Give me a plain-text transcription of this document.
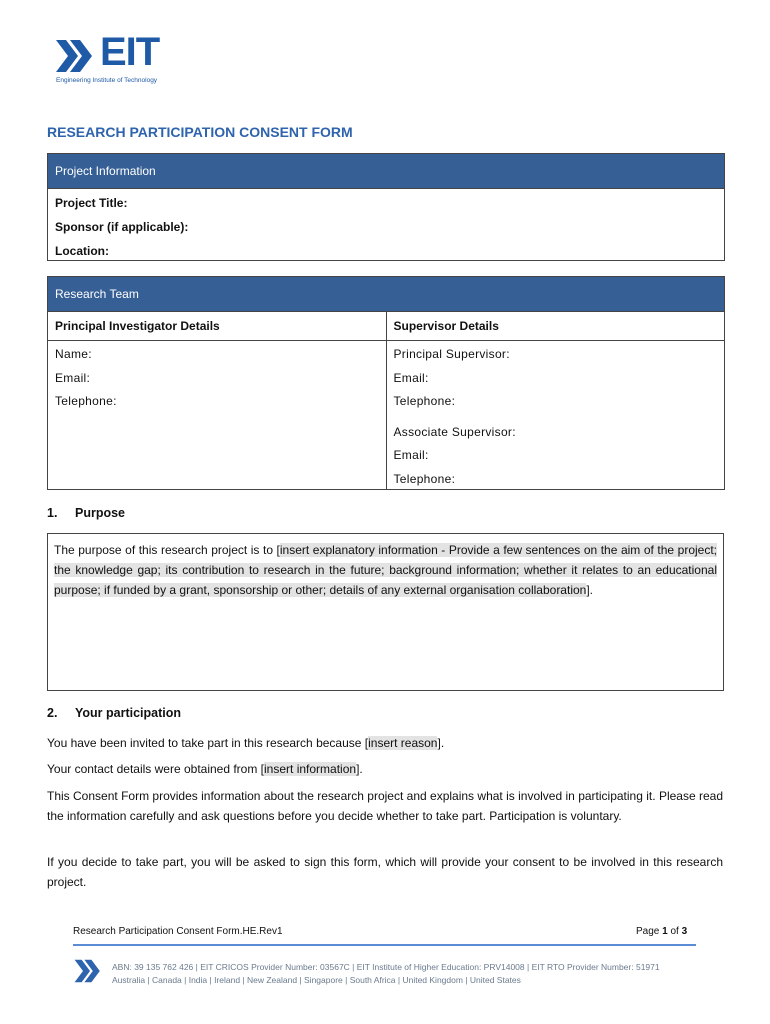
EIT
Engineering Institute of Technology
RESEARCH PARTICIPATION CONSENT FORM
Project Information
Project Title:
Sponsor (if applicable):
Location:
Research Team
Principal Investigator Details
Name:
Email:
Telephone:
Supervisor Details
Principal Supervisor:
Email:
Telephone:
Associate Supervisor:
Email:
Telephone:
1. Purpose
The purpose of this research project is to [insert explanatory information - Provide a few sentences on the aim of the project; the knowledge gap; its contribution to research in the future; background information; whether it relates to an educational purpose; if funded by a grant, sponsorship or other; details of any external organisation collaboration].
2. Your participation
You have been invited to take part in this research because [insert reason].
Your contact details were obtained from [insert information].
This Consent Form provides information about the research project and explains what is involved in participating it. Please read the information carefully and ask questions before you decide whether to take part. Participation is voluntary.
If you decide to take part, you will be asked to sign this form, which will provide your consent to be involved in this research project.
Research Participation Consent Form.HE.Rev1	Page 1 of 3
ABN: 39 135 762 426 | EIT CRICOS Provider Number: 03567C | EIT Institute of Higher Education: PRV14008 | EIT RTO Provider Number: 51971
Australia | Canada | India | Ireland | New Zealand | Singapore | South Africa | United Kingdom | United States
